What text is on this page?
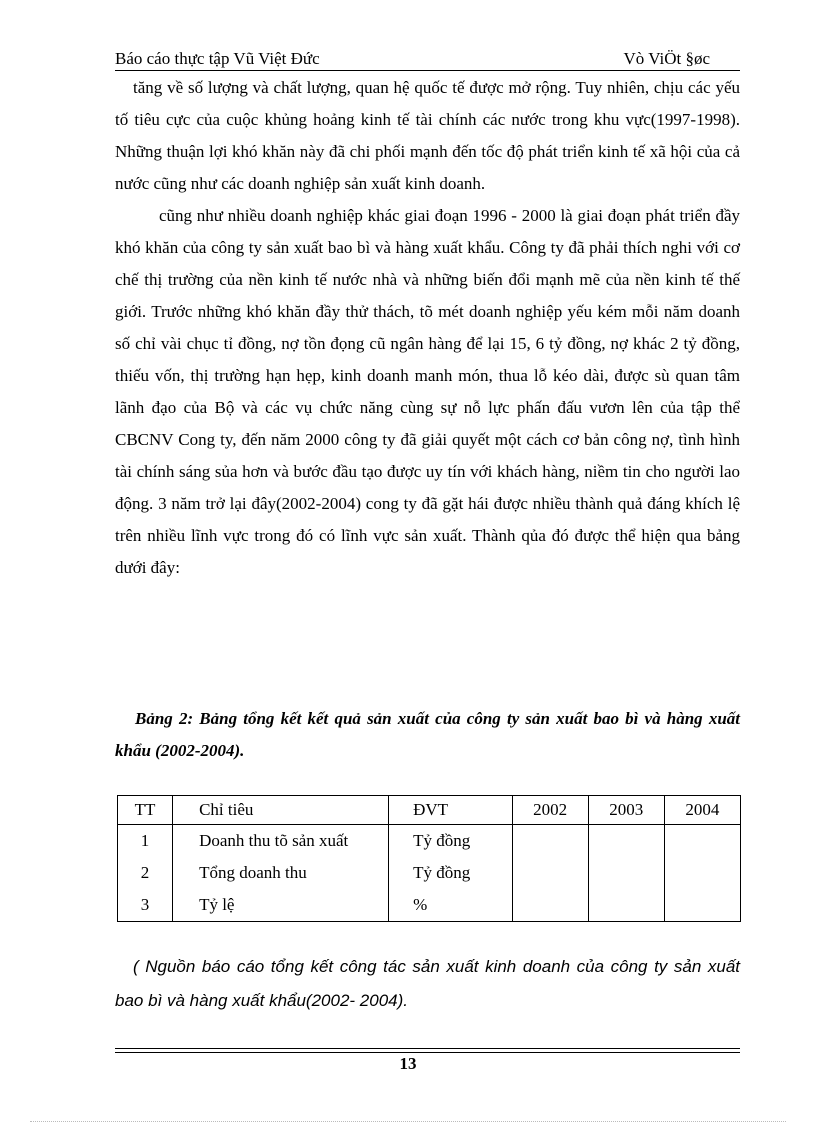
Báo cáo thực tập Vũ Việt Đức	Vò ViÖt §øc

tăng về số lượng và chất lượng, quan hệ quốc tế được mở rộng. Tuy nhiên, chịu các yếu tố tiêu cực của cuộc khủng hoảng kinh tế tài chính các nước trong khu vực(1997-1998). Những thuận lợi khó khăn này đã chi phối mạnh đến tốc độ phát triển kinh tế xã hội của cả nước cũng như các doanh nghiệp sản xuất kinh doanh.

cũng như nhiều doanh nghiệp khác giai đoạn 1996 - 2000 là giai đoạn phát triển đầy khó khăn của công ty sản xuất bao bì và hàng xuất khẩu. Công ty đã phải thích nghi với cơ chế thị trường của nền kinh tế nước nhà và những biến đổi mạnh mẽ của nền kinh tế thế giới. Trước những khó khăn đầy thử thách, tõ mét doanh nghiệp yếu kém mỗi năm doanh số chỉ vài chục tỉ đồng, nợ tồn đọng cũ ngân hàng để lại 15, 6 tỷ đồng, nợ khác 2 tỷ đồng, thiếu vốn, thị trường hạn hẹp, kinh doanh manh món, thua lỗ kéo dài, được sù quan tâm lãnh đạo của Bộ và các vụ chức năng cùng sự nỗ lực phấn đấu vươn lên của tập thể CBCNV Cong ty, đến năm 2000 công ty đã giải quyết một cách cơ bản công nợ, tình hình tài chính sáng sủa hơn và bước đầu tạo được uy tín với khách hàng, niềm tin cho người lao động. 3 năm trở lại đây(2002-2004) cong ty đã gặt hái được nhiều thành quả đáng khích lệ trên nhiều lĩnh vực trong đó có lĩnh vực sản xuất. Thành qủa đó được thể hiện qua bảng dưới đây:

Bảng 2: Bảng tổng kết kết quả sản xuất của công ty sản xuất bao bì và hàng xuất khẩu (2002-2004).
TT	Chỉ tiêu	ĐVT	2002	2003	2004
1	Doanh thu tõ sản xuất	Tỷ đồng			
2	Tổng doanh thu	Tỷ đồng			
3	Tỷ lệ	%			
( Nguồn báo cáo tổng kết công tác sản xuất kinh doanh của công ty sản xuất bao bì và hàng xuất khẩu(2002- 2004).
13
